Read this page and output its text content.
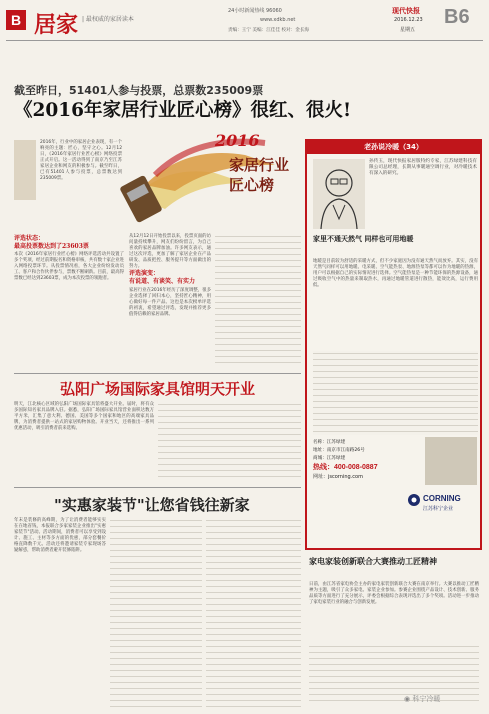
B 居家 | 最权威的家居读本
24小时新闻热线 96060
www.xdkb.net
责编：王宁 美编：江佳佳 校对：金长海
现代快报
2016.12.23
星期五
B6
截至昨日，51401人参与投票，总票数235009票
《2016年家居行业匠心榜》很红、很火!
2016
家居行业匠心榜
2016年，行业中的家居企业表现，有一个响亮的主题：匠心，坚守之心。12月12日，《2016年家居行业匠心榜》网络投票正式开启。这一活动得到了南京乃至江苏家居企业和网友的积极参与。截至昨日，已有51401人参与投票，总票数达到235009票。
评选状态：
最高投票数达到了23603票
本次《2016年家居行业匠心榜》网络评选活动共设置了多个奖项，经过前期报名和资格审核，共有数十家企业进入网络投票环节。从投票情况看，各大企业纷纷发动员工、客户和合作伙伴参与，票数不断刷新。目前，最高得票数已经达到23603票，成为本次投票的领跑者。
从12月12日开始投票以来，投票页面的访问量持续攀升，网友们纷纷留言，为自己喜欢的家居品牌加油。许多网友表示，通过这次评选，更加了解了家居企业在产品研发、品质把控、服务提升等方面做出的努力。
评选演变：
有说道、有谈笑、有实力
家居行业在2016年经历了深度调整，很多企业选择了回归本心，坚持匠心精神，用心做好每一件产品。这也是本次榜单评选的初衷，希望通过评选，发现并推荐更多值得信赖的家居品牌。
老孙说冷暖（34）
孙传玉，现代快报家居版特约专家，江苏绿建科技有限公司总经理，长期从事暖通空调行业，对冷暖技术有深入的研究。
家里不通天然气 同样也可用地暖
地暖是目前较为舒适的采暖方式，但不少家庭因为没有通天然气而放弃。其实，没有天然气同样可以用地暖。电采暖、空气能热泵、地源热泵等都可以作为地暖的热源，用户可以根据自己的实际情况进行选择。空气能热泵是一种节能环保的热源设备，通过吸收空气中的热量来制取热水，再通过地暖管道进行散热，能效比高，运行费用低。
名称：江苏绿建
地址：南京市江南路26号
商城：江苏绿建
热线：400-008-0887
网址：jscorning.com
CORNING
江苏科宁企业
弘阳广场国际家具馆明天开业
明天，江北核心区域的弘阳广场国际家具馆将盛大开业。届时，将有众多国际知名家具品牌入驻。据悉，弘阳广场国际家具馆营业面积达数万平方米，汇集了意大利、德国、美国等多个国家和地区的高端家具品牌，为消费者提供一站式的家居购物体验。开业当天，还将推出一系列优惠活动，吸引消费者前来选购。
家电家装创新联合大赛推动工匠精神
日前，由江苏省家电协会主办的家电家装创新联合大赛在南京举行。大赛以推动工匠精神为主题，吸引了众多家电、家装企业参加。参赛企业围绕产品设计、技术创新、服务品质等方面进行了充分展示，评委会根据综合表现评选出了多个奖项。活动进一步推动了家电家装行业的融合与创新发展。
"实惠家装节"让您省钱往新家
年末是装修的高峰期，为了让消费者能够实实在在地省钱，本报联合多家家装企业推出"实惠家装节"活动。活动期间，消费者可以享受到设计、施工、主材等多方面的优惠，部分套餐价格直降数千元。活动还将邀请家装专家现场答疑解惑，帮助消费者避开装修陷阱。
◉ 科宁冷暖
